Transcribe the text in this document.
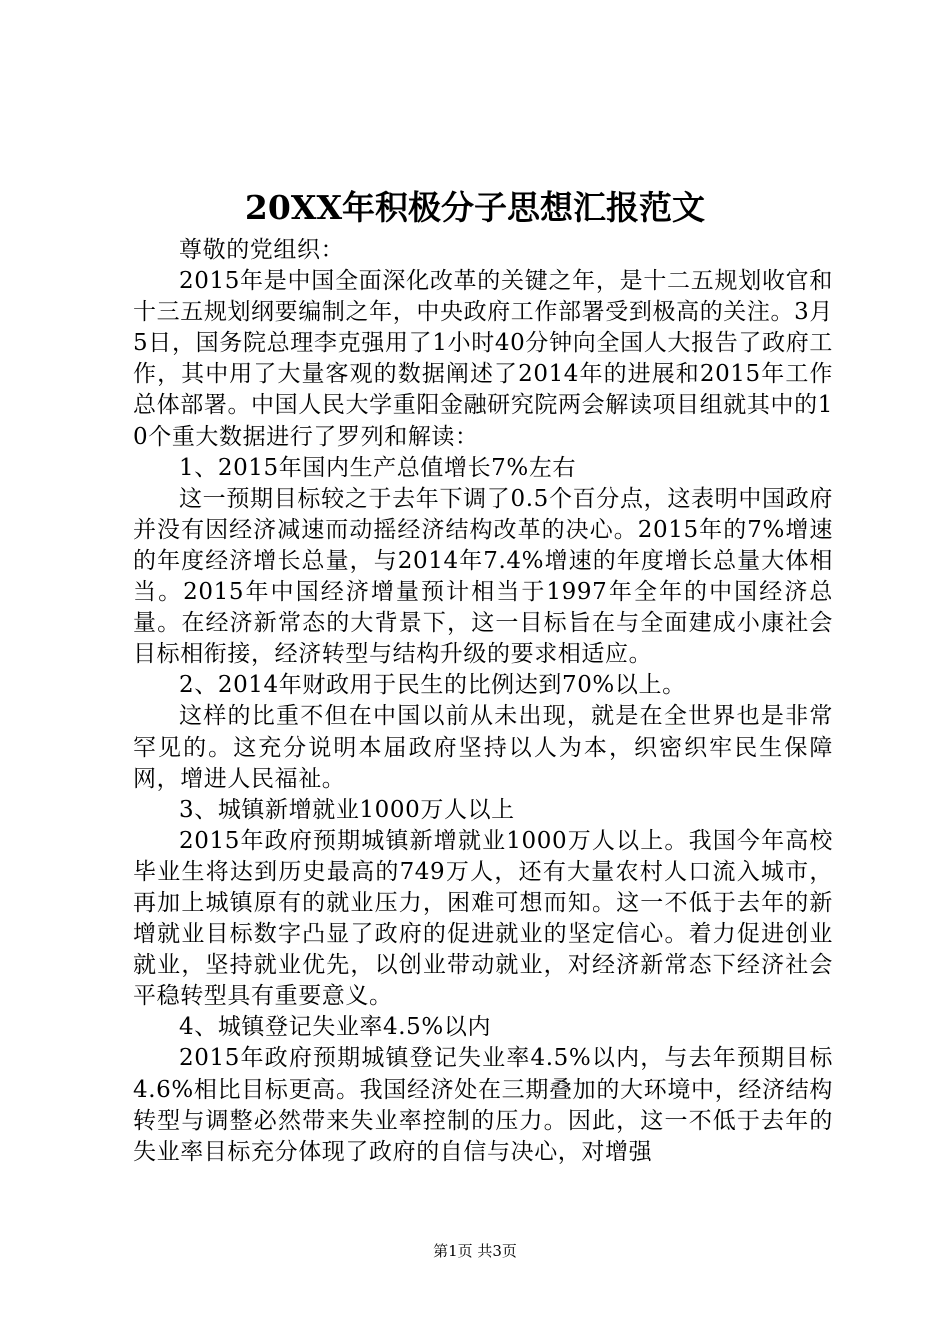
20XX年积极分子思想汇报范文

尊敬的党组织：

2015年是中国全面深化改革的关键之年，是十二五规划收官和十三五规划纲要编制之年，中央政府工作部署受到极高的关注。3月5日，国务院总理李克强用了1小时40分钟向全国人大报告了政府工作，其中用了大量客观的数据阐述了2014年的进展和2015年工作总体部署。中国人民大学重阳金融研究院两会解读项目组就其中的10个重大数据进行了罗列和解读：

1、2015年国内生产总值增长7%左右

这一预期目标较之于去年下调了0.5个百分点，这表明中国政府并没有因经济减速而动摇经济结构改革的决心。2015年的7%增速的年度经济增长总量，与2014年7.4%增速的年度增长总量大体相当。2015年中国经济增量预计相当于1997年全年的中国经济总量。在经济新常态的大背景下，这一目标旨在与全面建成小康社会目标相衔接，经济转型与结构升级的要求相适应。

2、2014年财政用于民生的比例达到70%以上。

这样的比重不但在中国以前从未出现，就是在全世界也是非常罕见的。这充分说明本届政府坚持以人为本，织密织牢民生保障网，增进人民福祉。

3、城镇新增就业1000万人以上

2015年政府预期城镇新增就业1000万人以上。我国今年高校毕业生将达到历史最高的749万人，还有大量农村人口流入城市，再加上城镇原有的就业压力，困难可想而知。这一不低于去年的新增就业目标数字凸显了政府的促进就业的坚定信心。着力促进创业就业，坚持就业优先，以创业带动就业，对经济新常态下经济社会平稳转型具有重要意义。

4、城镇登记失业率4.5%以内

2015年政府预期城镇登记失业率4.5%以内，与去年预期目标4.6%相比目标更高。我国经济处在三期叠加的大环境中，经济结构转型与调整必然带来失业率控制的压力。因此，这一不低于去年的失业率目标充分体现了政府的自信与决心，对增强

第1页 共3页
